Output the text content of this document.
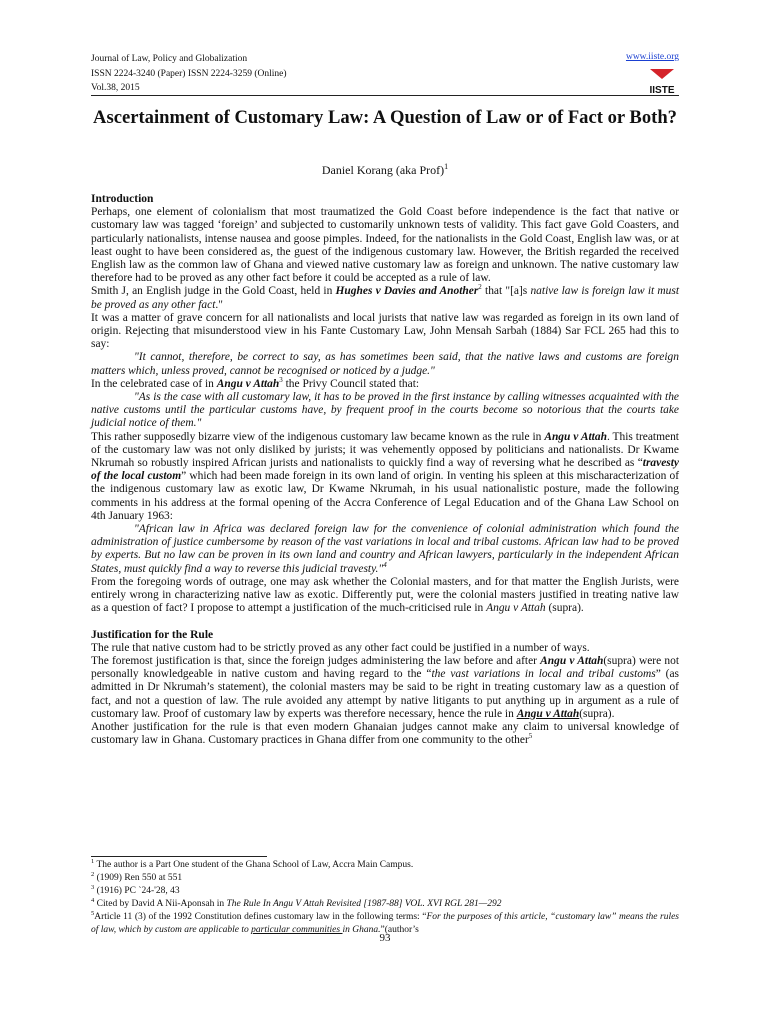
Journal of Law, Policy and Globalization
ISSN 2224-3240 (Paper) ISSN 2224-3259 (Online)
Vol.38, 2015
www.iiste.org
IISTE
Ascertainment of Customary Law: A Question of Law or of Fact or Both?
Daniel Korang (aka Prof)$^1$
Introduction

Perhaps, one element of colonialism that most traumatized the Gold Coast before independence is the fact that native or customary law was tagged ‘foreign’ and subjected to customarily unknown tests of validity. This fact gave Gold Coasters, and particularly nationalists, intense nausea and goose pimples. Indeed, for the nationalists in the Gold Coast, English law was, or at least ought to have been considered as, the guest of the indigenous customary law. However, the British regarded the received English law as the common law of Ghana and viewed native customary law as foreign and unknown. The native customary law therefore had to be proved as any other fact before it could be accepted as a rule of law.

Smith J, an English judge in the Gold Coast, held in Hughes v Davies and Another$^2$ that "[a]s native law is foreign law it must be proved as any other fact."

It was a matter of grave concern for all nationalists and local jurists that native law was regarded as foreign in its own land of origin. Rejecting that misunderstood view in his Fante Customary Law, John Mensah Sarbah (1884) Sar FCL 265 had this to say:

"It cannot, therefore, be correct to say, as has sometimes been said, that the native laws and customs are foreign matters which, unless proved, cannot be recognised or noticed by a judge."

In the celebrated case of in Angu v Attah$^3$ the Privy Council stated that:

"As is the case with all customary law, it has to be proved in the first instance by calling witnesses acquainted with the native customs until the particular customs have, by frequent proof in the courts become so notorious that the courts take judicial notice of them."

This rather supposedly bizarre view of the indigenous customary law became known as the rule in Angu v Attah. This treatment of the customary law was not only disliked by jurists; it was vehemently opposed by politicians and nationalists. Dr Kwame Nkrumah so robustly inspired African jurists and nationalists to quickly find a way of reversing what he described as “travesty of the local custom” which had been made foreign in its own land of origin. In venting his spleen at this mischaracterization of the indigenous customary law as exotic law, Dr Kwame Nkrumah, in his usual nationalistic posture, made the following comments in his address at the formal opening of the Accra Conference of Legal Education and of the Ghana Law School on 4th January 1963:

"African law in Africa was declared foreign law for the convenience of colonial administration which found the administration of justice cumbersome by reason of the vast variations in local and tribal customs. African law had to be proved by experts. But no law can be proven in its own land and country and African lawyers, particularly in the independent African States, must quickly find a way to reverse this judicial travesty."$^4$

From the foregoing words of outrage, one may ask whether the Colonial masters, and for that matter the English Jurists, were entirely wrong in characterizing native law as exotic. Differently put, were the colonial masters justified in treating native law as a question of fact? I propose to attempt a justification of the much-criticised rule in Angu v Attah (supra).

Justification for the Rule

The rule that native custom had to be strictly proved as any other fact could be justified in a number of ways.

The foremost justification is that, since the foreign judges administering the law before and after Angu v Attah(supra) were not personally knowledgeable in native custom and having regard to the “the vast variations in local and tribal customs” (as admitted in Dr Nkrumah’s statement), the colonial masters may be said to be right in treating customary law as a question of fact, and not a question of law. The rule avoided any attempt by native litigants to put anything up in argument as a rule of customary law. Proof of customary law by experts was therefore necessary, hence the rule in Angu v Attah(supra).

Another justification for the rule is that even modern Ghanaian judges cannot make any claim to universal knowledge of customary law in Ghana. Customary practices in Ghana differ from one community to the other$^5$

$^1$ The author is a Part One student of the Ghana School of Law, Accra Main Campus.
$^2$ (1909) Ren 550 at 551
$^3$ (1916) PC `24-'28, 43
$^4$ Cited by David A Nii-Aponsah in The Rule In Angu V Attah Revisited [1987-88] VOL. XVI RGL 281—292
$^5$Article 11 (3) of the 1992 Constitution defines customary law in the following terms: “For the purposes of this article, “customary law” means the rules of law, which by custom are applicable to particular communities in Ghana.”(author’s
93
